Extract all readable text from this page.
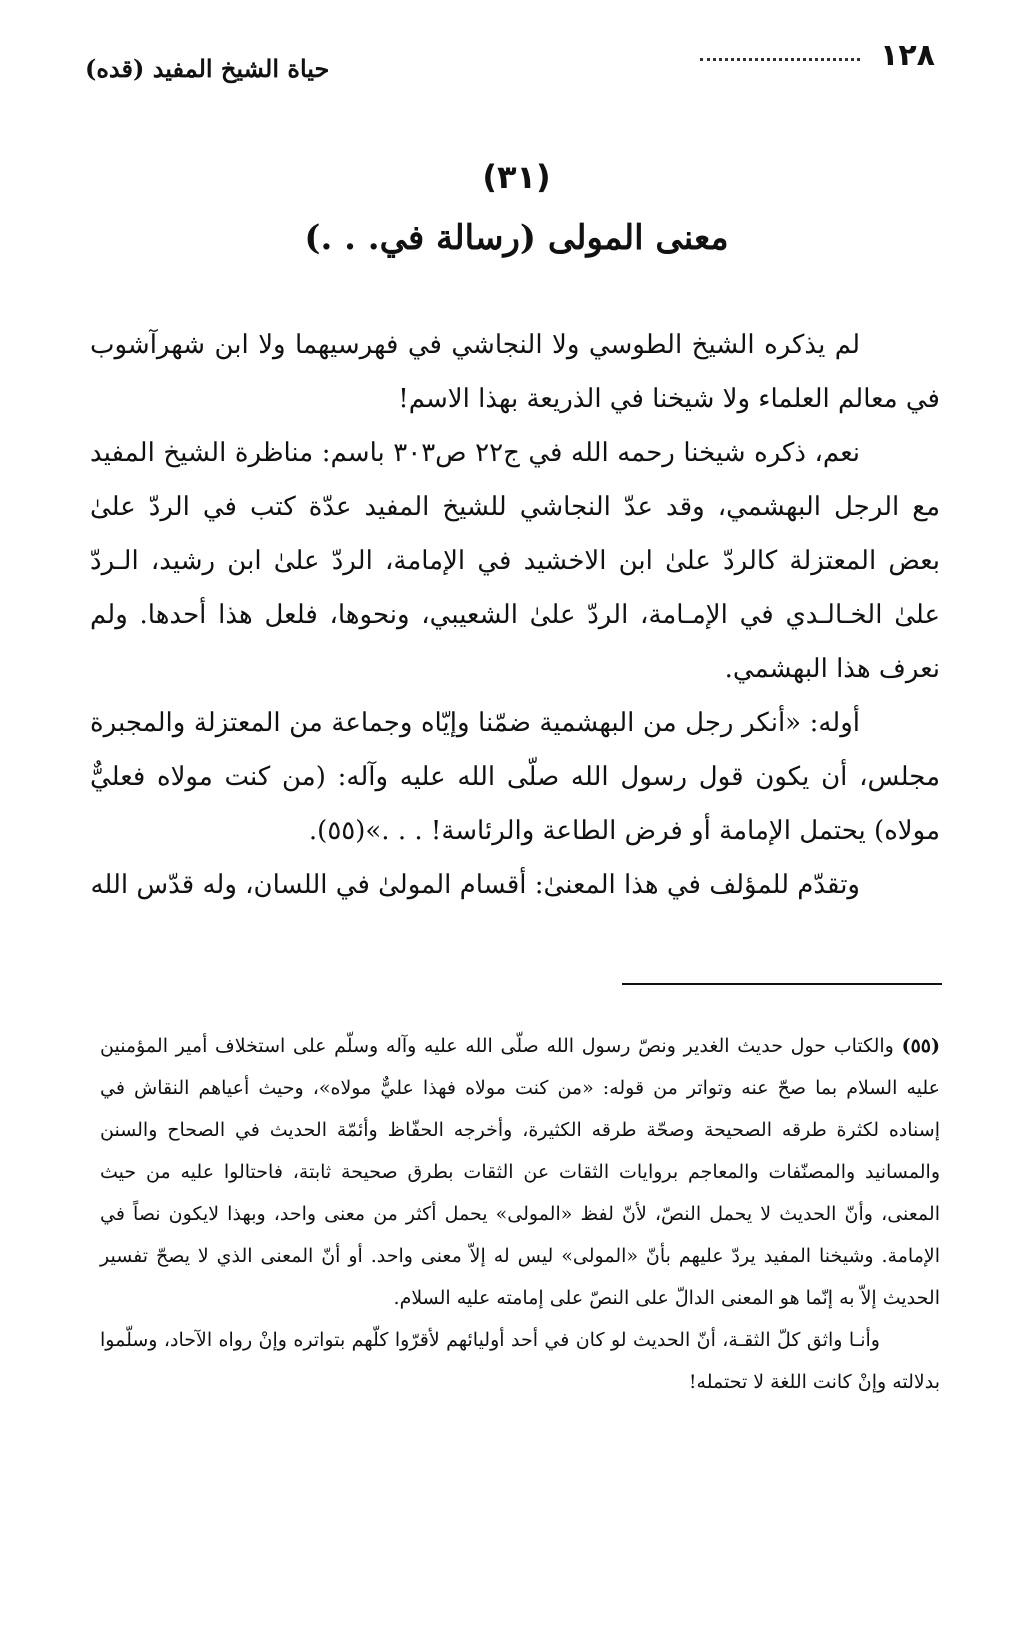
١٢٨
حياة الشيخ المفيد (قده)
(٣١)
معنى المولى (رسالة في. . .)

لم يذكره الشيخ الطوسي ولا النجاشي في فهرسيهما ولا ابن شهرآشوب في معالم العلماء ولا شيخنا في الذريعة بهذا الاسم!

نعم، ذكره شيخنا رحمه الله في ج٢٢ ص٣٠٣ باسم: مناظرة الشيخ المفيد مع الرجل البهشمي، وقد عدّ النجاشي للشيخ المفيد عدّة كتب في الردّ علىٰ بعض المعتزلة كالردّ علىٰ ابن الاخشيد في الإمامة، الردّ علىٰ ابن رشيد، الـردّ علىٰ الخـالـدي في الإمـامة، الردّ علىٰ الشعيبي، ونحوها، فلعل هذا أحدها. ولم نعرف هذا البهشمي.

أوله: «أنكر رجل من البهشمية ضمّنا وإيّاه وجماعة من المعتزلة والمجبرة مجلس، أن يكون قول رسول الله صلّى الله عليه وآله: (من كنت مولاه فعليٌّ مولاه) يحتمل الإمامة أو فرض الطاعة والرئاسة! . . .»(٥٥).

وتقدّم للمؤلف في هذا المعنىٰ: أقسام المولىٰ في اللسان، وله قدّس الله

(٥٥) والكتاب حول حديث الغدير ونصّ رسول الله صلّى الله عليه وآله وسلّم على استخلاف أمير المؤمنين عليه السلام بما صحّ عنه وتواتر من قوله: «من كنت مولاه فهذا عليٌّ مولاه»، وحيث أعياهم النقاش في إسناده لكثرة طرقه الصحيحة وصحّة طرقه الكثيرة، وأخرجه الحفّاظ وأئمّة الحديث في الصحاح والسنن والمسانيد والمصنّفات والمعاجم بروايات الثقات عن الثقات بطرق صحيحة ثابتة، فاحتالوا عليه من حيث المعنى، وأنّ الحديث لا يحمل النصّ، لأنّ لفظ «المولى» يحمل أكثر من معنى واحد، وبهذا لايكون نصاً في الإمامة. وشيخنا المفيد يردّ عليهم بأنّ «المولى» ليس له إلاّ معنى واحد. أو أنّ المعنى الذي لا يصحّ تفسير الحديث إلاّ به إنّما هو المعنى الدالّ على النصّ على إمامته عليه السلام.

وأنـا واثق كلّ الثقـة، أنّ الحديث لو كان في أحد أوليائهم لأقرّوا كلّهم بتواتره وإنْ رواه الآحاد، وسلّموا بدلالته وإنْ كانت اللغة لا تحتمله!
